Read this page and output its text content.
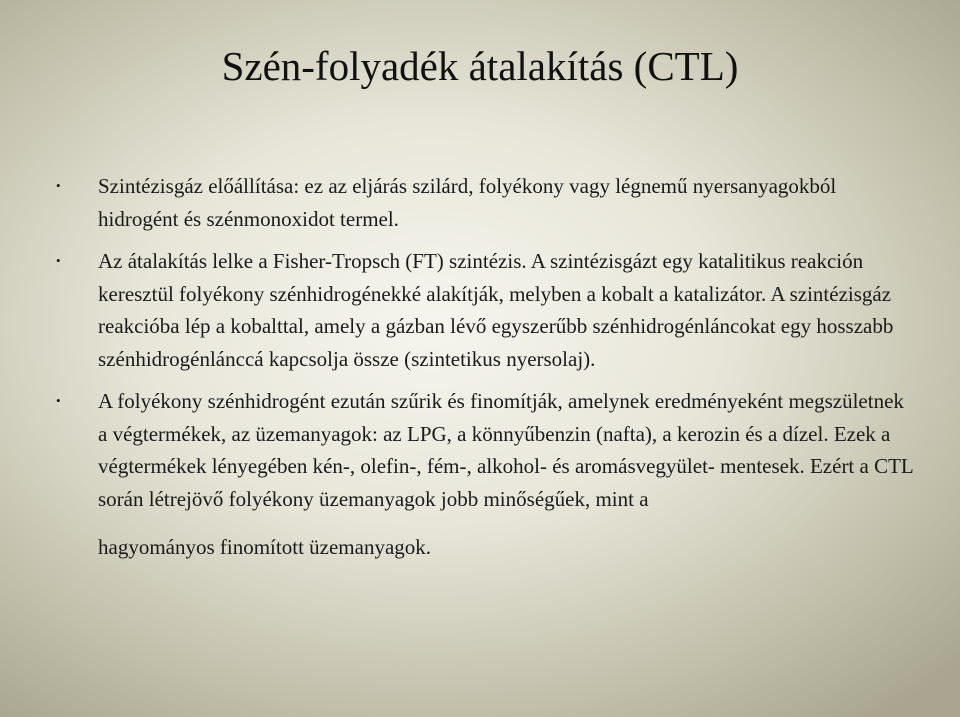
Szén-folyadék átalakítás (CTL)
•	Szintézisgáz előállítása: ez az eljárás szilárd, folyékony vagy légnemű nyersanyagokból hidrogént és szénmonoxidot termel.
•	Az átalakítás lelke a Fisher-Tropsch (FT) szintézis. A szintézisgázt egy katalitikus reakción keresztül folyékony szénhidrogénekké alakítják, melyben a kobalt a katalizátor. A szintézisgáz reakcióba lép a kobalttal, amely a gázban lévő egyszerűbb szénhidrogénláncokat egy hosszabb szénhidrogénlánccá kapcsolja össze (szintetikus nyersolaj).
•	A folyékony szénhidrogént ezután szűrik és finomítják, amelynek eredményeként megszületnek a végtermékek, az üzemanyagok: az LPG, a könnyűbenzin (nafta), a kerozin és a dízel. Ezek a végtermékek lényegében kén-, olefin-, fém-, alkohol- és aromásvegyület- mentesek. Ezért a CTL során létrejövő folyékony üzemanyagok jobb minőségűek, mint a
hagyományos finomított üzemanyagok.
